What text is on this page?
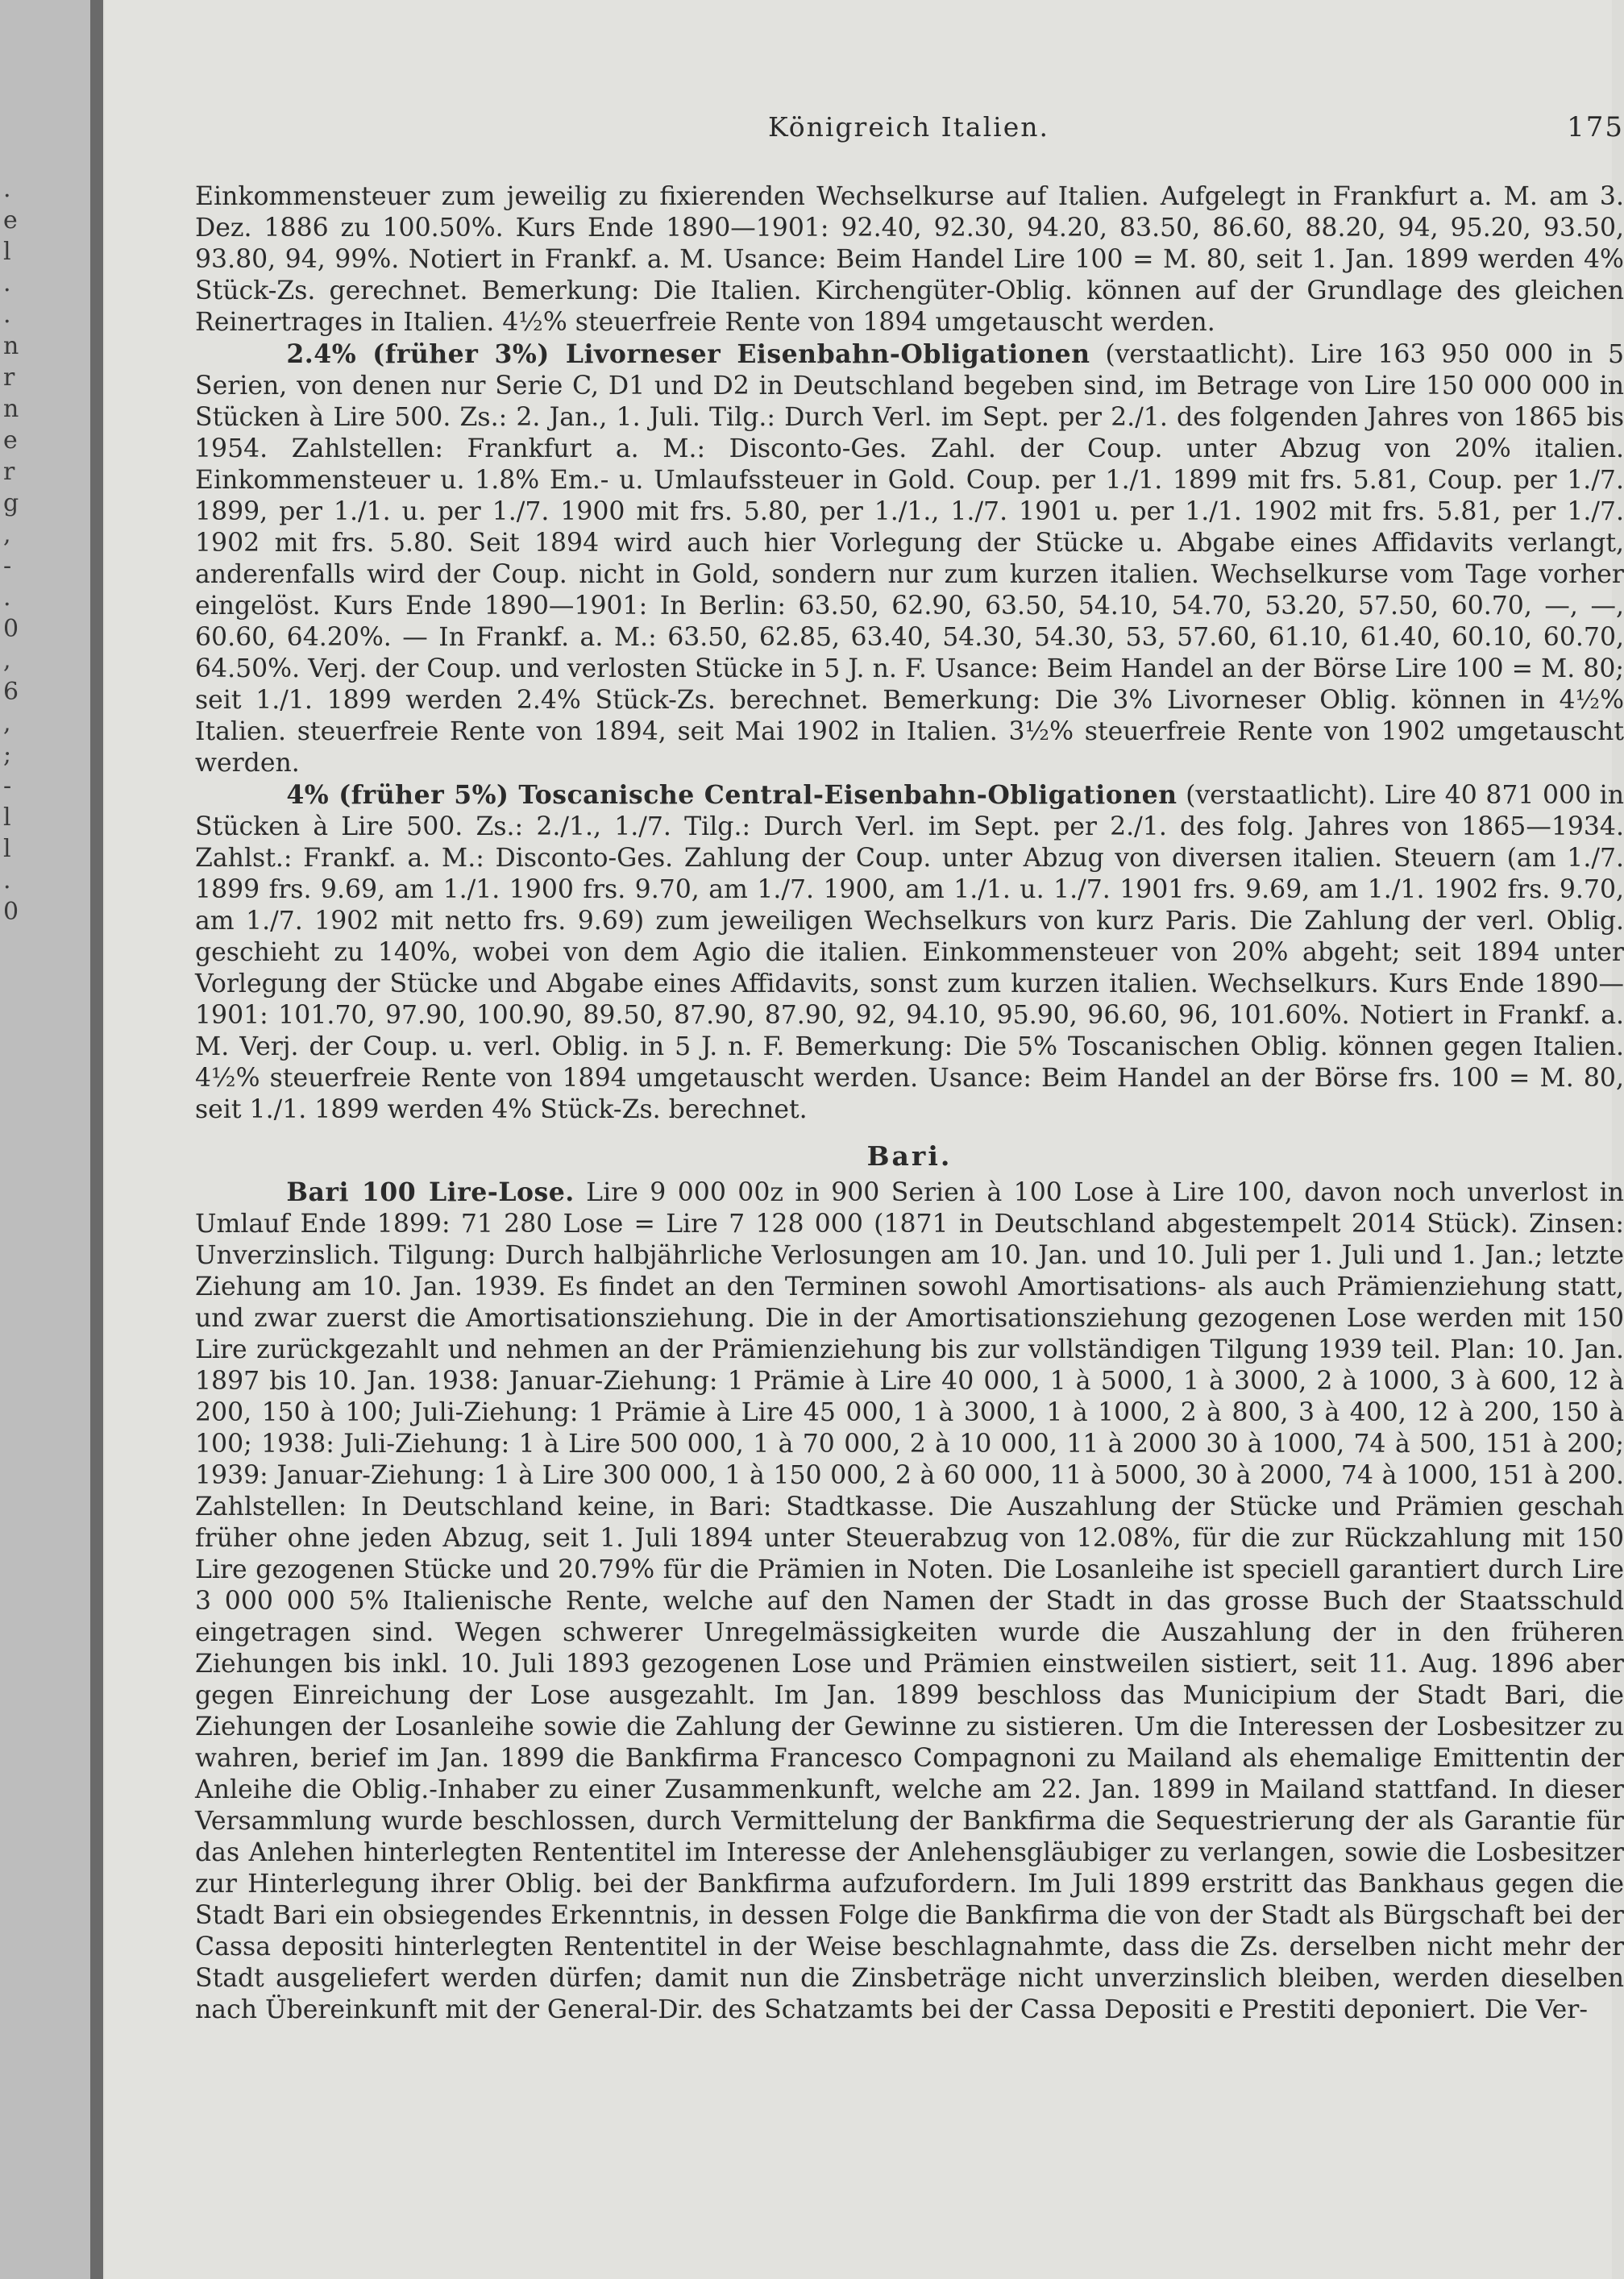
.
e
l
.
.
n
r
n
e
r
g
,
-
.
0
,
6
,
;
-
l
l
.
0
Königreich Italien.	175

Einkommensteuer zum jeweilig zu fixierenden Wechselkurse auf Italien. Aufgelegt in Frankfurt a. M. am 3. Dez. 1886 zu 100.50%. Kurs Ende 1890—1901: 92.40, 92.30, 94.20, 83.50, 86.60, 88.20, 94, 95.20, 93.50, 93.80, 94, 99%. Notiert in Frankf. a. M. Usance: Beim Handel Lire 100 = M. 80, seit 1. Jan. 1899 werden 4% Stück-Zs. gerechnet. Bemerkung: Die Italien. Kirchengüter-Oblig. können auf der Grundlage des gleichen Reinertrages in Italien. 4½% steuerfreie Rente von 1894 umgetauscht werden.

2.4% (früher 3%) Livorneser Eisenbahn-Obligationen (verstaatlicht). Lire 163 950 000 in 5 Serien, von denen nur Serie C, D1 und D2 in Deutschland begeben sind, im Betrage von Lire 150 000 000 in Stücken à Lire 500. Zs.: 2. Jan., 1. Juli. Tilg.: Durch Verl. im Sept. per 2./1. des folgenden Jahres von 1865 bis 1954. Zahlstellen: Frankfurt a. M.: Disconto-Ges. Zahl. der Coup. unter Abzug von 20% italien. Einkommensteuer u. 1.8% Em.- u. Umlaufssteuer in Gold. Coup. per 1./1. 1899 mit frs. 5.81, Coup. per 1./7. 1899, per 1./1. u. per 1./7. 1900 mit frs. 5.80, per 1./1., 1./7. 1901 u. per 1./1. 1902 mit frs. 5.81, per 1./7. 1902 mit frs. 5.80. Seit 1894 wird auch hier Vorlegung der Stücke u. Abgabe eines Affidavits verlangt, anderenfalls wird der Coup. nicht in Gold, sondern nur zum kurzen italien. Wechselkurse vom Tage vorher eingelöst. Kurs Ende 1890—1901: In Berlin: 63.50, 62.90, 63.50, 54.10, 54.70, 53.20, 57.50, 60.70, —, —, 60.60, 64.20%. — In Frankf. a. M.: 63.50, 62.85, 63.40, 54.30, 54.30, 53, 57.60, 61.10, 61.40, 60.10, 60.70, 64.50%. Verj. der Coup. und verlosten Stücke in 5 J. n. F. Usance: Beim Handel an der Börse Lire 100 = M. 80; seit 1./1. 1899 werden 2.4% Stück-Zs. berechnet. Bemerkung: Die 3% Livorneser Oblig. können in 4½% Italien. steuerfreie Rente von 1894, seit Mai 1902 in Italien. 3½% steuerfreie Rente von 1902 umgetauscht werden.

4% (früher 5%) Toscanische Central-Eisenbahn-Obligationen (verstaatlicht). Lire 40 871 000 in Stücken à Lire 500. Zs.: 2./1., 1./7. Tilg.: Durch Verl. im Sept. per 2./1. des folg. Jahres von 1865—1934. Zahlst.: Frankf. a. M.: Disconto-Ges. Zahlung der Coup. unter Abzug von diversen italien. Steuern (am 1./7. 1899 frs. 9.69, am 1./1. 1900 frs. 9.70, am 1./7. 1900, am 1./1. u. 1./7. 1901 frs. 9.69, am 1./1. 1902 frs. 9.70, am 1./7. 1902 mit netto frs. 9.69) zum jeweiligen Wechselkurs von kurz Paris. Die Zahlung der verl. Oblig. geschieht zu 140%, wobei von dem Agio die italien. Einkommensteuer von 20% abgeht; seit 1894 unter Vorlegung der Stücke und Abgabe eines Affidavits, sonst zum kurzen italien. Wechselkurs. Kurs Ende 1890—1901: 101.70, 97.90, 100.90, 89.50, 87.90, 87.90, 92, 94.10, 95.90, 96.60, 96, 101.60%. Notiert in Frankf. a. M. Verj. der Coup. u. verl. Oblig. in 5 J. n. F. Bemerkung: Die 5% Toscanischen Oblig. können gegen Italien. 4½% steuerfreie Rente von 1894 umgetauscht werden. Usance: Beim Handel an der Börse frs. 100 = M. 80, seit 1./1. 1899 werden 4% Stück-Zs. berechnet.

Bari.

Bari 100 Lire-Lose. Lire 9 000 00z in 900 Serien à 100 Lose à Lire 100, davon noch unverlost in Umlauf Ende 1899: 71 280 Lose = Lire 7 128 000 (1871 in Deutschland abgestempelt 2014 Stück). Zinsen: Unverzinslich. Tilgung: Durch halbjährliche Verlosungen am 10. Jan. und 10. Juli per 1. Juli und 1. Jan.; letzte Ziehung am 10. Jan. 1939. Es findet an den Terminen sowohl Amortisations- als auch Prämienziehung statt, und zwar zuerst die Amortisationsziehung. Die in der Amortisationsziehung gezogenen Lose werden mit 150 Lire zurückgezahlt und nehmen an der Prämienziehung bis zur vollständigen Tilgung 1939 teil. Plan: 10. Jan. 1897 bis 10. Jan. 1938: Januar-Ziehung: 1 Prämie à Lire 40 000, 1 à 5000, 1 à 3000, 2 à 1000, 3 à 600, 12 à 200, 150 à 100; Juli-Ziehung: 1 Prämie à Lire 45 000, 1 à 3000, 1 à 1000, 2 à 800, 3 à 400, 12 à 200, 150 à 100; 1938: Juli-Ziehung: 1 à Lire 500 000, 1 à 70 000, 2 à 10 000, 11 à 2000 30 à 1000, 74 à 500, 151 à 200; 1939: Januar-Ziehung: 1 à Lire 300 000, 1 à 150 000, 2 à 60 000, 11 à 5000, 30 à 2000, 74 à 1000, 151 à 200. Zahlstellen: In Deutschland keine, in Bari: Stadtkasse. Die Auszahlung der Stücke und Prämien geschah früher ohne jeden Abzug, seit 1. Juli 1894 unter Steuerabzug von 12.08%, für die zur Rückzahlung mit 150 Lire gezogenen Stücke und 20.79% für die Prämien in Noten. Die Losanleihe ist speciell garantiert durch Lire 3 000 000 5% Italienische Rente, welche auf den Namen der Stadt in das grosse Buch der Staatsschuld eingetragen sind. Wegen schwerer Unregelmässigkeiten wurde die Auszahlung der in den früheren Ziehungen bis inkl. 10. Juli 1893 gezogenen Lose und Prämien einstweilen sistiert, seit 11. Aug. 1896 aber gegen Einreichung der Lose ausgezahlt. Im Jan. 1899 beschloss das Municipium der Stadt Bari, die Ziehungen der Losanleihe sowie die Zahlung der Gewinne zu sistieren. Um die Interessen der Losbesitzer zu wahren, berief im Jan. 1899 die Bankfirma Francesco Compagnoni zu Mailand als ehemalige Emittentin der Anleihe die Oblig.-Inhaber zu einer Zusammenkunft, welche am 22. Jan. 1899 in Mailand stattfand. In dieser Versammlung wurde beschlossen, durch Vermittelung der Bankfirma die Sequestrierung der als Garantie für das Anlehen hinterlegten Rententitel im Interesse der Anlehensgläubiger zu verlangen, sowie die Losbesitzer zur Hinterlegung ihrer Oblig. bei der Bankfirma aufzufordern. Im Juli 1899 erstritt das Bankhaus gegen die Stadt Bari ein obsiegendes Erkenntnis, in dessen Folge die Bankfirma die von der Stadt als Bürgschaft bei der Cassa depositi hinterlegten Rententitel in der Weise beschlagnahmte, dass die Zs. derselben nicht mehr der Stadt ausgeliefert werden dürfen; damit nun die Zinsbeträge nicht unverzinslich bleiben, werden dieselben nach Übereinkunft mit der General-Dir. des Schatzamts bei der Cassa Depositi e Prestiti deponiert. Die Ver-
